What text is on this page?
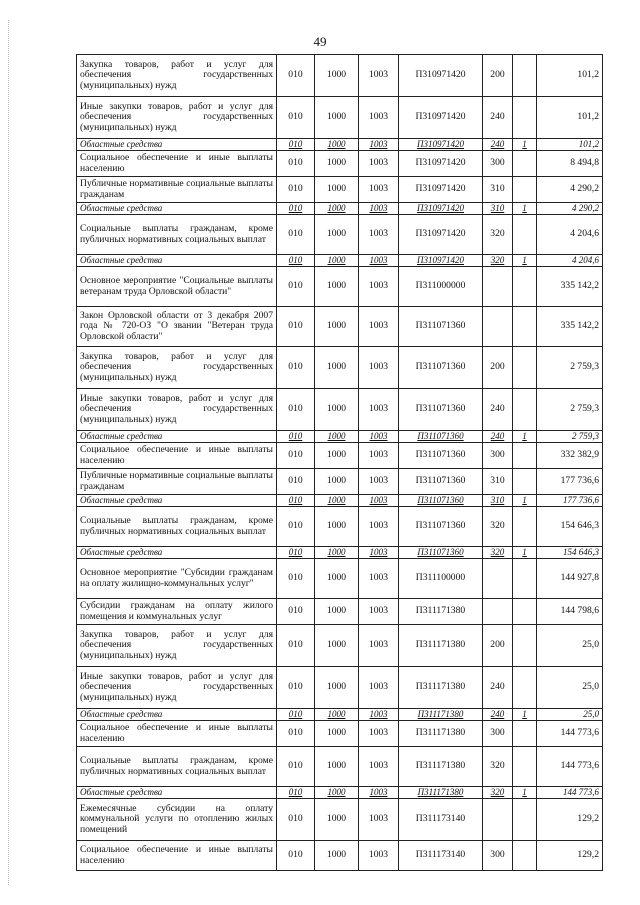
49
Закупка товаров, работ и услуг для обеспечения государственных (муниципальных) нужд	010	1000	1003	П310971420	200		101,2
Иные закупки товаров, работ и услуг для обеспечения государственных (муниципальных) нужд	010	1000	1003	П310971420	240		101,2
Областные средства	010	1000	1003	П310971420	240	1	101,2
Социальное обеспечение и иные выплаты населению	010	1000	1003	П310971420	300		8 494,8
Публичные нормативные социальные выплаты гражданам	010	1000	1003	П310971420	310		4 290,2
Областные средства	010	1000	1003	П310971420	310	1	4 290,2
Социальные выплаты гражданам, кроме публичных нормативных социальных выплат	010	1000	1003	П310971420	320		4 204,6
Областные средства	010	1000	1003	П310971420	320	1	4 204,6
Основное мероприятие "Социальные выплаты ветеранам труда Орловской области"	010	1000	1003	П311000000			335 142,2
Закон Орловской области от 3 декабря 2007 года № 720-ОЗ "О звании "Ветеран труда Орловской области"	010	1000	1003	П311071360			335 142,2
Закупка товаров, работ и услуг для обеспечения государственных (муниципальных) нужд	010	1000	1003	П311071360	200		2 759,3
Иные закупки товаров, работ и услуг для обеспечения государственных (муниципальных) нужд	010	1000	1003	П311071360	240		2 759,3
Областные средства	010	1000	1003	П311071360	240	1	2 759,3
Социальное обеспечение и иные выплаты населению	010	1000	1003	П311071360	300		332 382,9
Публичные нормативные социальные выплаты гражданам	010	1000	1003	П311071360	310		177 736,6
Областные средства	010	1000	1003	П311071360	310	1	177 736,6
Социальные выплаты гражданам, кроме публичных нормативных социальных выплат	010	1000	1003	П311071360	320		154 646,3
Областные средства	010	1000	1003	П311071360	320	1	154 646,3
Основное мероприятие "Субсидии гражданам на оплату жилищно-коммунальных услуг"	010	1000	1003	П311100000			144 927,8
Субсидии гражданам на оплату жилого помещения и коммунальных услуг	010	1000	1003	П311171380			144 798,6
Закупка товаров, работ и услуг для обеспечения государственных (муниципальных) нужд	010	1000	1003	П311171380	200		25,0
Иные закупки товаров, работ и услуг для обеспечения государственных (муниципальных) нужд	010	1000	1003	П311171380	240		25,0
Областные средства	010	1000	1003	П311171380	240	1	25,0
Социальное обеспечение и иные выплаты населению	010	1000	1003	П311171380	300		144 773,6
Социальные выплаты гражданам, кроме публичных нормативных социальных выплат	010	1000	1003	П311171380	320		144 773,6
Областные средства	010	1000	1003	П311171380	320	1	144 773,6
Ежемесячные субсидии на оплату коммунальной услуги по отоплению жилых помещений	010	1000	1003	П311173140			129,2
Социальное обеспечение и иные выплаты населению	010	1000	1003	П311173140	300		129,2
